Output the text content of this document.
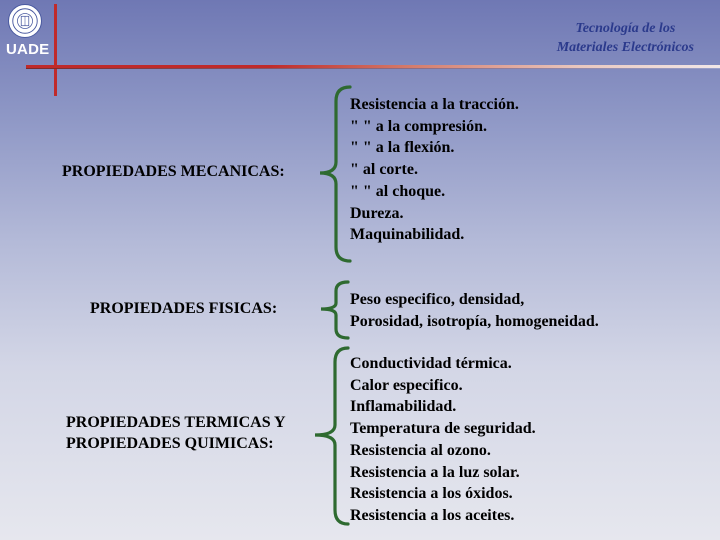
UADE
Tecnología de los
Materiales Electrónicos
PROPIEDADES MECANICAS:
Resistencia a la tracción.
" " a la compresión.
" " a la flexión.
" al corte.
" " al choque.
Dureza.
Maquinabilidad.
PROPIEDADES FISICAS:
Peso especifico, densidad,
Porosidad, isotropía, homogeneidad.
PROPIEDADES TERMICAS Y
PROPIEDADES QUIMICAS:
Conductividad térmica.
Calor especifico.
Inflamabilidad.
Temperatura de seguridad.
Resistencia al ozono.
Resistencia a la luz solar.
Resistencia a los óxidos.
Resistencia a los aceites.
